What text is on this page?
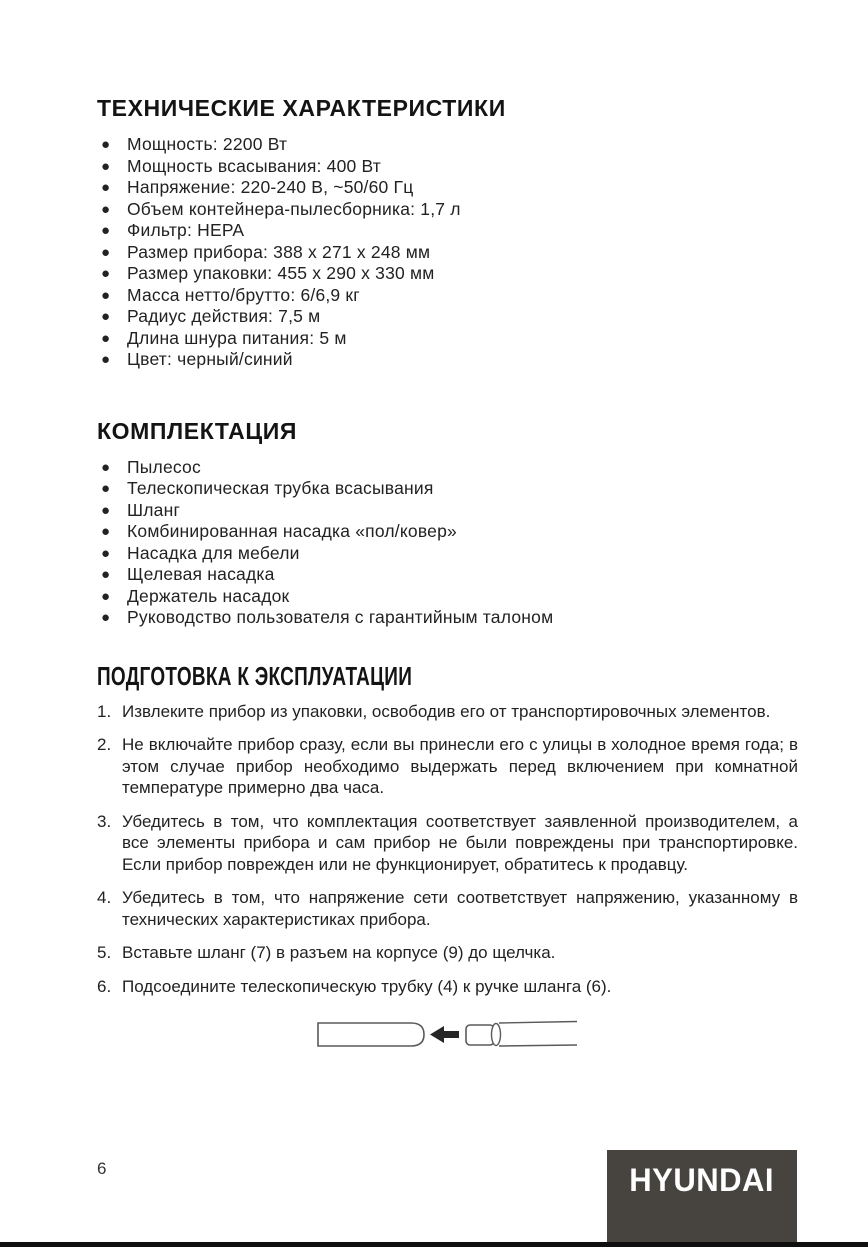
ТЕХНИЧЕСКИЕ ХАРАКТЕРИСТИКИ
● Мощность: 2200 Вт
● Мощность всасывания: 400 Вт
● Напряжение: 220-240 В, ~50/60 Гц
● Объем контейнера-пылесборника: 1,7 л
● Фильтр: HEPA
● Размер прибора: 388 х 271 х 248 мм
● Размер упаковки: 455 х 290 х 330 мм
● Масса нетто/брутто: 6/6,9 кг
● Радиус действия: 7,5 м
● Длина шнура питания: 5 м
● Цвет: черный/синий
КОМПЛЕКТАЦИЯ
● Пылесос
● Телескопическая трубка всасывания
● Шланг
● Комбинированная насадка «пол/ковер»
● Насадка для мебели
● Щелевая насадка
● Держатель насадок
● Руководство пользователя с гарантийным талоном
ПОДГОТОВКА К ЭКСПЛУАТАЦИИ
1. Извлеките прибор из упаковки, освободив его от транспортировочных элементов.
2. Не включайте прибор сразу, если вы принесли его с улицы в холодное время года; в этом случае прибор необходимо выдержать перед включением при комнатной температуре примерно два часа.
3. Убедитесь в том, что комплектация соответствует заявленной производителем, а все элементы прибора и сам прибор не были повреждены при транспортировке. Если прибор поврежден или не функционирует, обратитесь к продавцу.
4. Убедитесь в том, что напряжение сети соответствует напряжению, указанному в технических характеристиках прибора.
5. Вставьте шланг (7) в разъем на корпусе (9) до щелчка.
6. Подсоедините телескопическую трубку (4) к ручке шланга (6).
6	HYUNDAI
